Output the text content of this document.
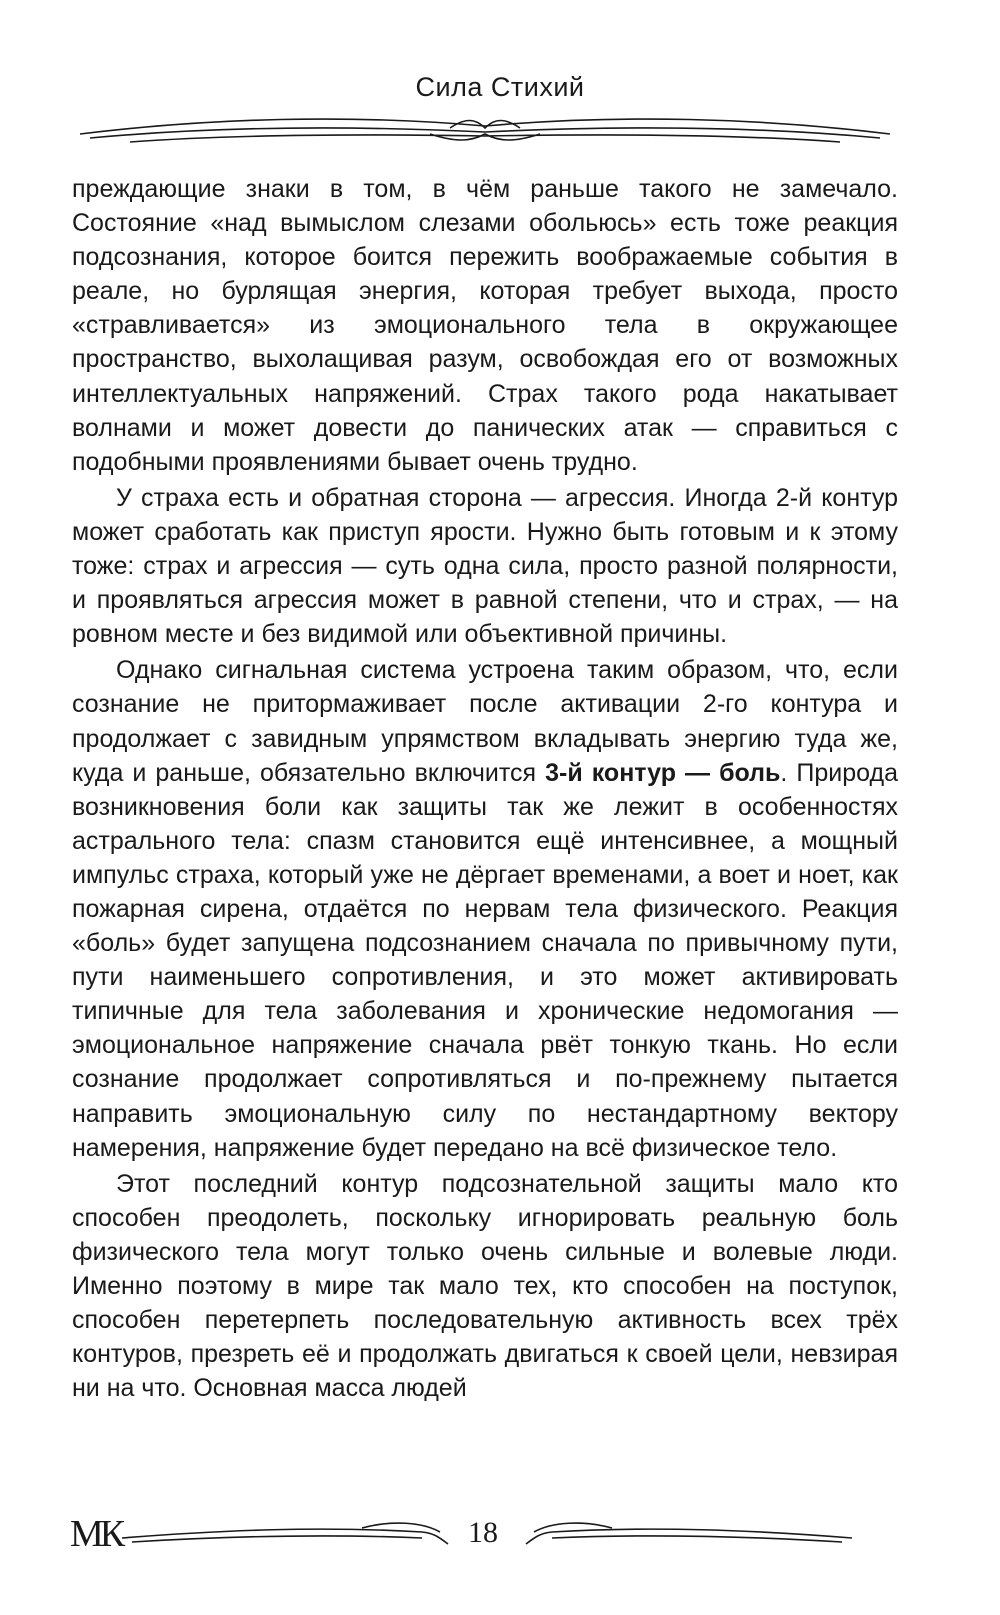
Сила Стихий

преждающие знаки в том, в чём раньше такого не замечало. Состояние «над вымыслом слезами обольюсь» есть тоже реакция подсознания, которое боится пережить воображаемые события в реале, но бурлящая энергия, которая требует выхода, просто «стравливается» из эмоционального тела в окружающее пространство, выхолащивая разум, освобождая его от возможных интеллектуальных напряжений. Страх такого рода накатывает волнами и может довести до панических атак — справиться с подобными проявлениями бывает очень трудно.

У страха есть и обратная сторона — агрессия. Иногда 2-й контур может сработать как приступ ярости. Нужно быть готовым и к этому тоже: страх и агрессия — суть одна сила, просто разной полярности, и проявляться агрессия может в равной степени, что и страх, — на ровном месте и без видимой или объективной причины.

Однако сигнальная система устроена таким образом, что, если сознание не притормаживает после активации 2-го контура и продолжает с завидным упрямством вкладывать энергию туда же, куда и раньше, обязательно включится 3-й контур — боль. Природа возникновения боли как защиты так же лежит в особенностях астрального тела: спазм становится ещё интенсивнее, а мощный импульс страха, который уже не дёргает временами, а воет и ноет, как пожарная сирена, отдаётся по нервам тела физического. Реакция «боль» будет запущена подсознанием сначала по привычному пути, пути наименьшего сопротивления, и это может активировать типичные для тела заболевания и хронические недомогания — эмоциональное напряжение сначала рвёт тонкую ткань. Но если сознание продолжает сопротивляться и по-прежнему пытается направить эмоциональную силу по нестандартному вектору намерения, напряжение будет передано на всё физическое тело.

Этот последний контур подсознательной защиты мало кто способен преодолеть, поскольку игнорировать реальную боль физического тела могут только очень сильные и волевые люди. Именно поэтому в мире так мало тех, кто способен на поступок, способен перетерпеть последовательную активность всех трёх контуров, презреть её и продолжать двигаться к своей цели, невзирая ни на что. Основная масса людей

МК	18
